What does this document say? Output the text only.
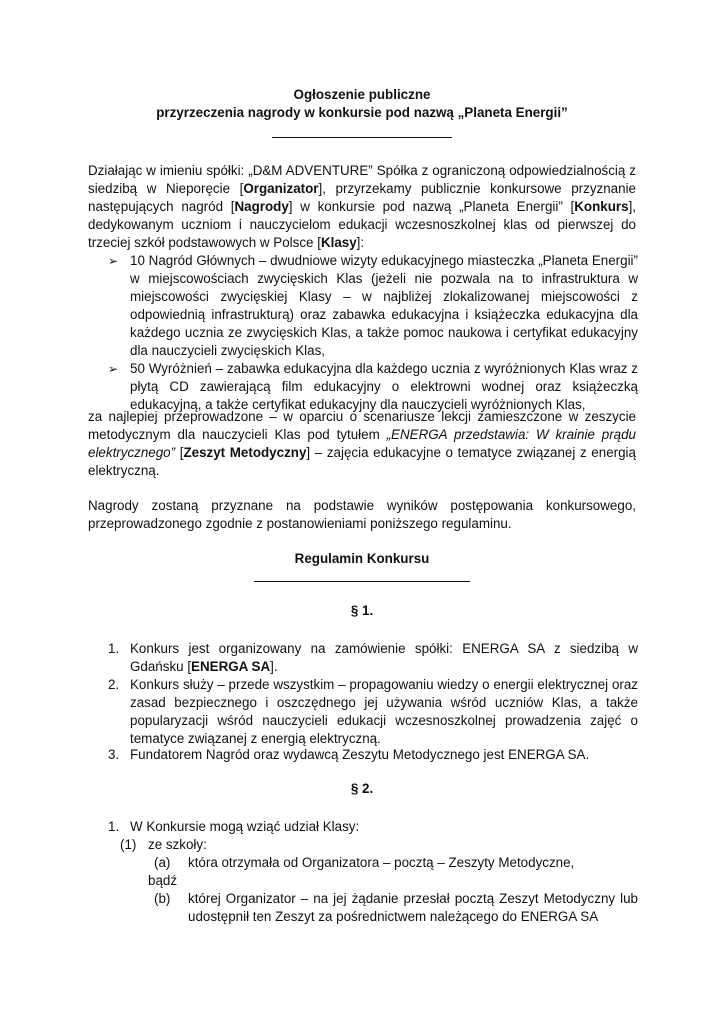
Ogłoszenie publiczne
przyrzeczenia nagrody w konkursie pod nazwą „Planeta Energii”

Działając w imieniu spółki: „D&M ADVENTURE” Spółka z ograniczoną odpowiedzialnością z siedzibą w Nieporęcie [Organizator], przyrzekamy publicznie konkursowe przyznanie następujących nagród [Nagrody] w konkursie pod nazwą „Planeta Energii” [Konkurs], dedykowanym uczniom i nauczycielom edukacji wczesnoszkolnej klas od pierwszej do trzeciej szkół podstawowych w Polsce [Klasy]:

➢ 10 Nagród Głównych – dwudniowe wizyty edukacyjnego miasteczka „Planeta Energii” w miejscowościach zwycięskich Klas (jeżeli nie pozwala na to infrastruktura w miejscowości zwycięskiej Klasy – w najbliżej zlokalizowanej miejscowości z odpowiednią infrastrukturą) oraz zabawka edukacyjna i książeczka edukacyjna dla każdego ucznia ze zwycięskich Klas, a także pomoc naukowa i certyfikat edukacyjny dla nauczycieli zwycięskich Klas,

➢ 50 Wyróżnień – zabawka edukacyjna dla każdego ucznia z wyróżnionych Klas wraz z płytą CD zawierającą film edukacyjny o elektrowni wodnej oraz książeczką edukacyjną, a także certyfikat edukacyjny dla nauczycieli wyróżnionych Klas,

za najlepiej przeprowadzone – w oparciu o scenariusze lekcji zamieszczone w zeszycie metodycznym dla nauczycieli Klas pod tytułem „ENERGA przedstawia: W krainie prądu elektrycznego” [Zeszyt Metodyczny] – zajęcia edukacyjne o tematyce związanej z energią elektryczną.

Nagrody zostaną przyznane na podstawie wyników postępowania konkursowego, przeprowadzonego zgodnie z postanowieniami poniższego regulaminu.

Regulamin Konkursu
§ 1.

1. Konkurs jest organizowany na zamówienie spółki: ENERGA SA z siedzibą w Gdańsku [ENERGA SA].

2. Konkurs służy – przede wszystkim – propagowaniu wiedzy o energii elektrycznej oraz zasad bezpiecznego i oszczędnego jej używania wśród uczniów Klas, a także popularyzacji wśród nauczycieli edukacji wczesnoszkolnej prowadzenia zajęć o tematyce związanej z energią elektryczną.

3. Fundatorem Nagród oraz wydawcą Zeszytu Metodycznego jest ENERGA SA.

§ 2.

1. W Konkursie mogą wziąć udział Klasy:

(1) ze szkoły:

(a) która otrzymała od Organizatora – pocztą – Zeszyty Metodyczne,

bądź

(b) której Organizator – na jej żądanie przesłał pocztą Zeszyt Metodyczny lub udostępnił ten Zeszyt za pośrednictwem należącego do ENERGA SA
